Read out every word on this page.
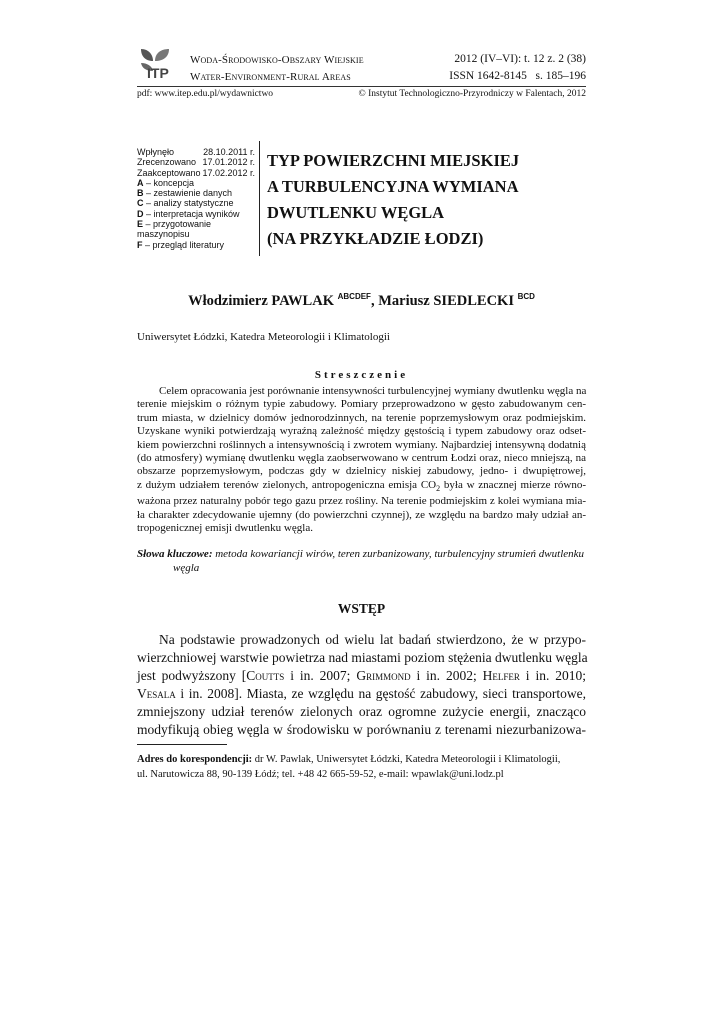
ITP
Woda-Środowisko-Obszary Wiejskie
Water-Environment-Rural Areas
2012 (IV–VI): t. 12 z. 2 (38)
ISSN 1642-8145 s. 185–196
pdf: www.itep.edu.pl/wydawnictwo	© Instytut Technologiczno-Przyrodniczy w Falentach, 2012
Wpłynęło	28.10.2011 r.
Zrecenzowano 17.01.2012 r.
Zaakceptowano 17.02.2012 r.
A – koncepcja
B – zestawienie danych
C – analizy statystyczne
D – interpretacja wyników
E – przygotowanie maszynopisu
F – przegląd literatury
TYP POWIERZCHNI MIEJSKIEJ
A TURBULENCYJNA WYMIANA
DWUTLENKU WĘGLA
(NA PRZYKŁADZIE ŁODZI)
Włodzimierz PAWLAK $^{ABCDEF}$, Mariusz SIEDLECKI $^{BCD}$
Uniwersytet Łódzki, Katedra Meteorologii i Klimatologii
Streszczenie
Celem opracowania jest porównanie intensywności turbulencyjnej wymiany dwutlenku węgla na
terenie miejskim o różnym typie zabudowy. Pomiary przeprowadzono w gęsto zabudowanym cen-
trum miasta, w dzielnicy domów jednorodzinnych, na terenie poprzemysłowym oraz podmiejskim.
Uzyskane wyniki potwierdzają wyraźną zależność między gęstością i typem zabudowy oraz odset-
kiem powierzchni roślinnych a intensywnością i zwrotem wymiany. Najbardziej intensywną dodatnią
(do atmosfery) wymianę dwutlenku węgla zaobserwowano w centrum Łodzi oraz, nieco mniejszą, na
obszarze poprzemysłowym, podczas gdy w dzielnicy niskiej zabudowy, jedno- i dwupiętrowej,
z dużym udziałem terenów zielonych, antropogeniczna emisja $CO_2$ była w znacznej mierze równo-
ważona przez naturalny pobór tego gazu przez rośliny. Na terenie podmiejskim z kolei wymiana mia-
ła charakter zdecydowanie ujemny (do powierzchni czynnej), ze względu na bardzo mały udział an-
tropogenicznej emisji dwutlenku węgla.
Słowa kluczowe: metoda kowariancji wirów, teren zurbanizowany, turbulencyjny strumień dwutlenku
węgla
WSTĘP
Na podstawie prowadzonych od wielu lat badań stwierdzono, że w przypo-
wierzchniowej warstwie powietrza nad miastami poziom stężenia dwutlenku węgla
jest podwyższony [Coutts i in. 2007; Grimmond i in. 2002; Helfer i in. 2010;
Vesala i in. 2008]. Miasta, ze względu na gęstość zabudowy, sieci transportowe,
zmniejszony udział terenów zielonych oraz ogromne zużycie energii, znacząco
modyfikują obieg węgla w środowisku w porównaniu z terenami niezurbanizowa-
Adres do korespondencji: dr W. Pawlak, Uniwersytet Łódzki, Katedra Meteorologii i Klimatologii,
ul. Narutowicza 88, 90-139 Łódź; tel. +48 42 665-59-52, e-mail: wpawlak@uni.lodz.pl
